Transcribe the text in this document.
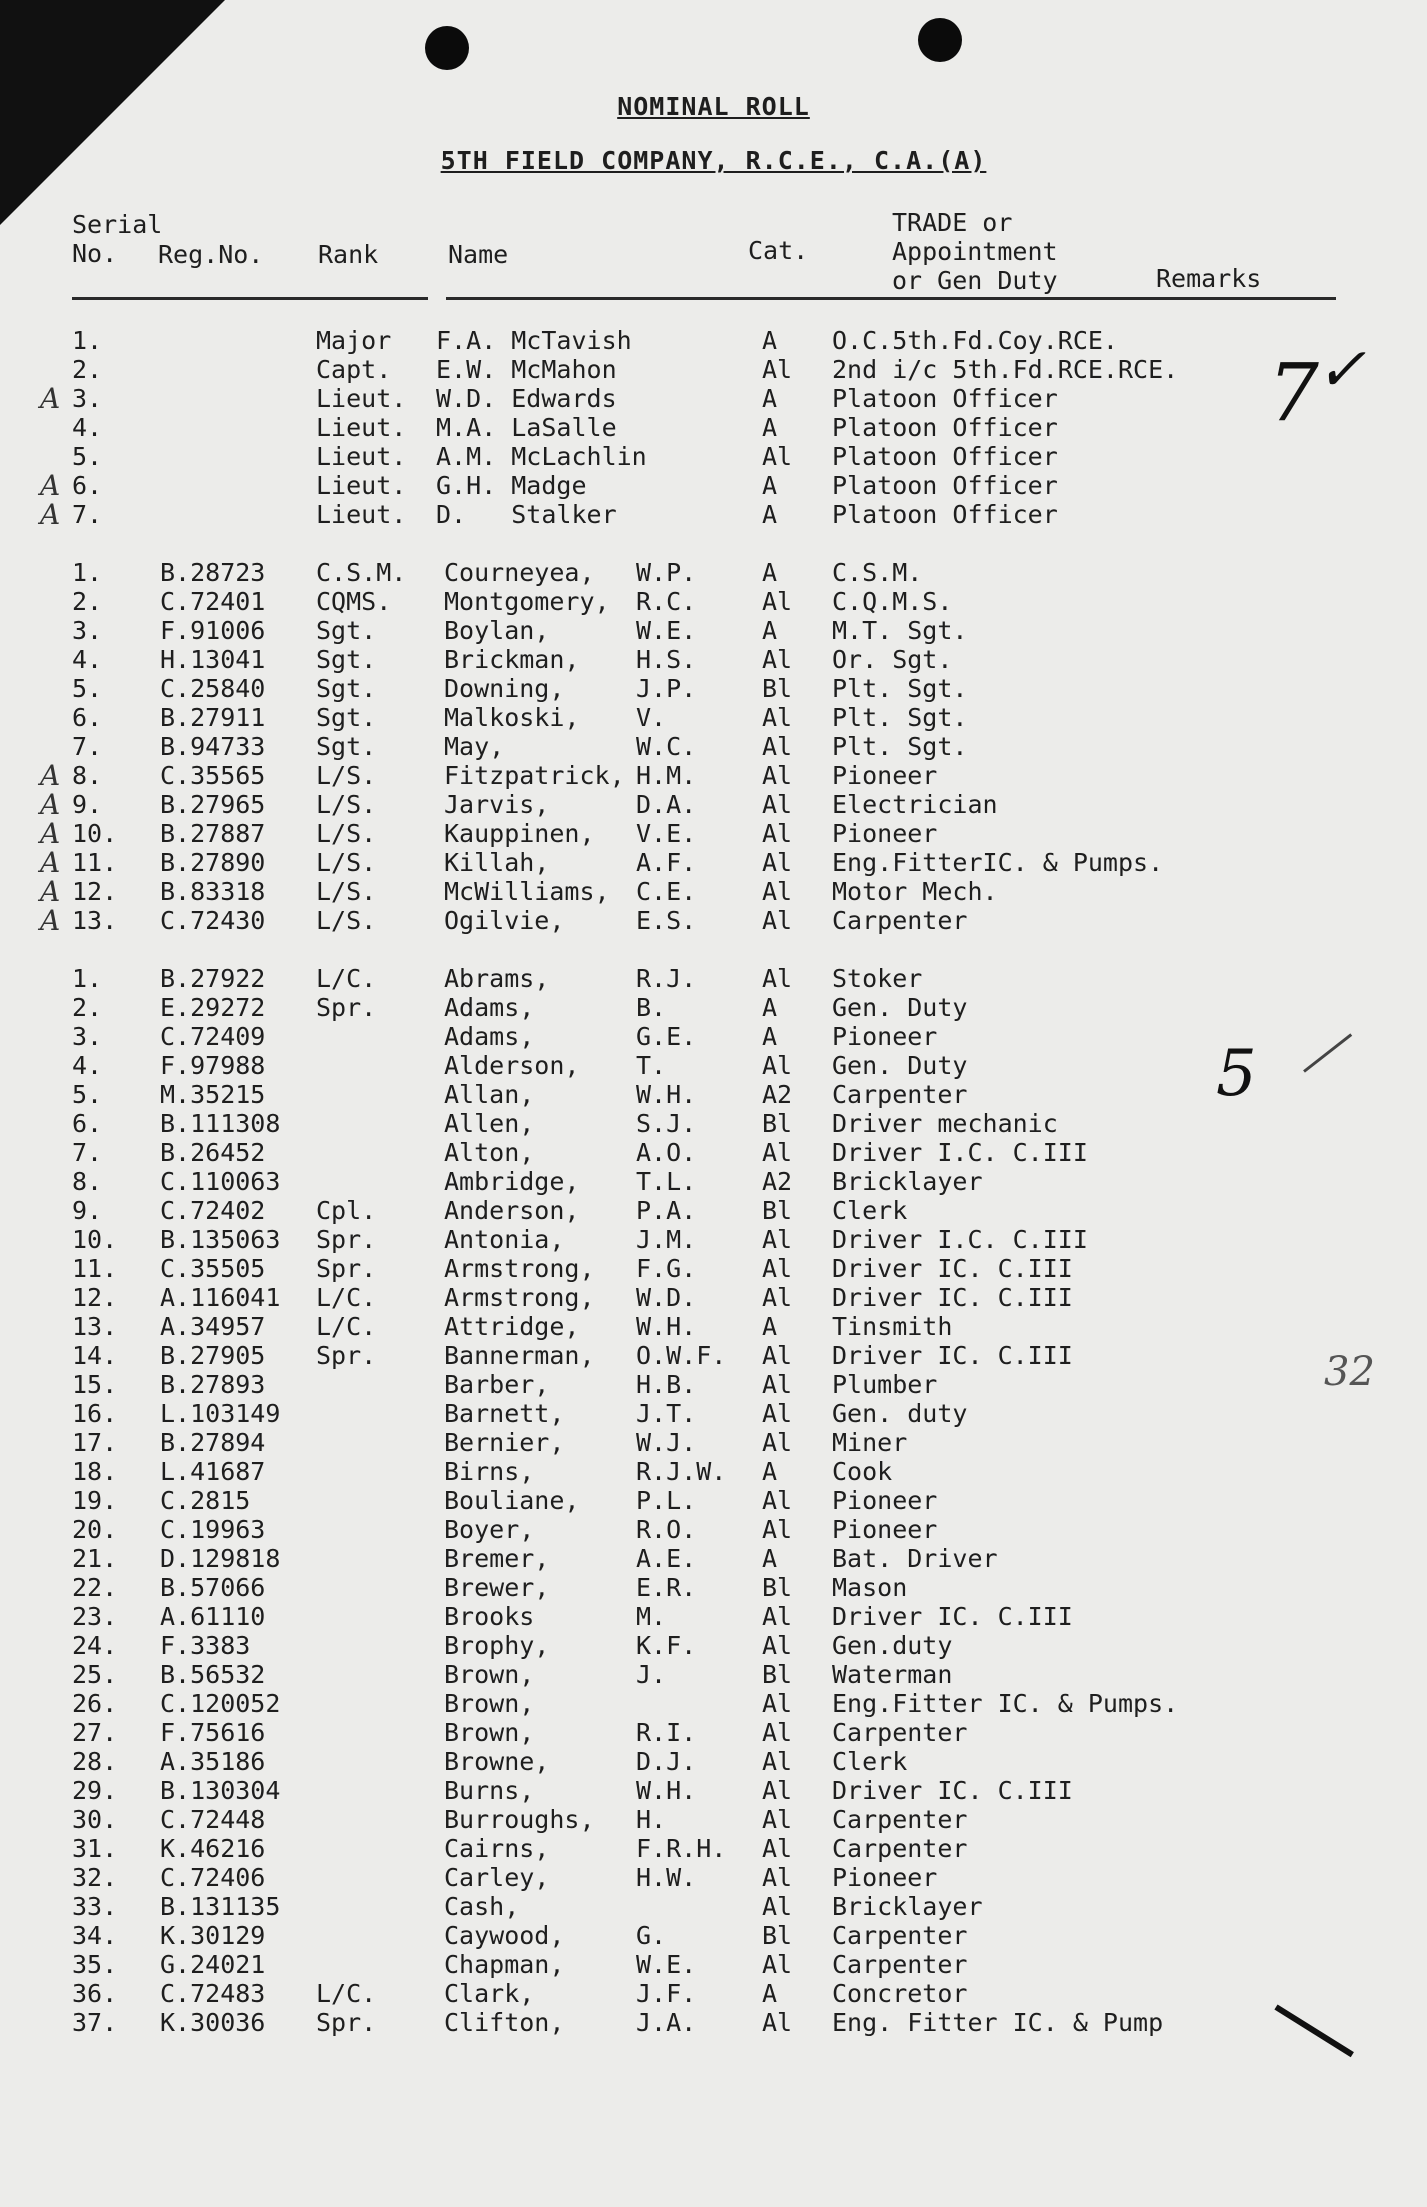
NOMINAL ROLL
5TH FIELD COMPANY, R.C.E., C.A.(A)
Serial
No.	Reg.No. Rank	Name	Cat.
TRADE or
Appointment
or Gen Duty	Remarks
1.	Major F.A. McTavish	A O.C.5th.Fd.Coy.RCE.
2.	Capt. E.W. McMahon	Al 2nd i/c 5th.Fd.RCE.RCE.
3.	Lieut. W.D. Edwards	A Platoon Officer
A
4.	Lieut. M.A. LaSalle	A Platoon Officer
5.	Lieut. A.M. McLachlin	Al Platoon Officer
6.	Lieut. G.H. Madge	A Platoon Officer
A
7.	Lieut. D.   Stalker	A Platoon Officer
A
1. B.28723 C.S.M. Courneyea, W.P.	A C.S.M.
2. C.72401 CQMS. Montgomery, R.C.	Al C.Q.M.S.
3. F.91006 Sgt.	Boylan,	W.E.	A M.T. Sgt.
4. H.13041 Sgt.	Brickman, H.S.	Al Or. Sgt.
5. C.25840 Sgt.	Downing,	J.P.	Bl Plt. Sgt.
6. B.27911 Sgt.	Malkoski, V.	Al Plt. Sgt.
7. B.94733 Sgt.	May,	W.C.	Al Plt. Sgt.
8. C.35565 L/S.	Fitzpatrick, H.M.	Al Pioneer
A
9. B.27965 L/S.	Jarvis,	D.A.	Al Electrician
A
10. B.27887 L/S.	Kauppinen, V.E.	Al Pioneer
A
11. B.27890 L/S.	Killah,	A.F.	Al Eng.FitterIC. & Pumps.
A
12. B.83318 L/S.	McWilliams, C.E.	Al Motor Mech.
A
13. C.72430 L/S.	Ogilvie,	E.S.	Al Carpenter
A
1. B.27922 L/C.	Abrams,	R.J.	Al Stoker
2. E.29272 Spr.	Adams,	B.	A Gen. Duty
3. C.72409	Adams,	G.E.	A Pioneer
4. F.97988	Alderson, T.	Al Gen. Duty
5. M.35215	Allan,	W.H.	A2 Carpenter
6. B.111308	Allen,	S.J.	Bl Driver mechanic
7. B.26452	Alton,	A.O.	Al Driver I.C. C.III
8. C.110063	Ambridge, T.L.	A2 Bricklayer
9. C.72402 Cpl.	Anderson, P.A.	Bl Clerk
10. B.135063 Spr.	Antonia,	J.M.	Al Driver I.C. C.III
11. C.35505 Spr.	Armstrong, F.G.	Al Driver IC. C.III
12. A.116041 L/C.	Armstrong, W.D.	Al Driver IC. C.III
13. A.34957 L/C.	Attridge, W.H.	A Tinsmith
14. B.27905 Spr.	Bannerman, O.W.F. Al Driver IC. C.III
15. B.27893	Barber,	H.B.	Al Plumber
16. L.103149	Barnett,	J.T.	Al Gen. duty
17. B.27894	Bernier,	W.J.	Al Miner
18. L.41687	Birns,	R.J.W. A Cook
19. C.2815	Bouliane, P.L.	Al Pioneer
20. C.19963	Boyer,	R.O.	Al Pioneer
21. D.129818	Bremer,	A.E.	A Bat. Driver
22. B.57066	Brewer,	E.R.	Bl Mason
23. A.61110	Brooks	M.	Al Driver IC. C.III
24. F.3383	Brophy,	K.F.	Al Gen.duty
25. B.56532	Brown,	J.	Bl Waterman
26. C.120052	Brown,	Al Eng.Fitter IC. & Pumps.
27. F.75616	Brown,	R.I.	Al Carpenter
28. A.35186	Browne,	D.J.	Al Clerk
29. B.130304	Burns,	W.H.	Al Driver IC. C.III
30. C.72448	Burroughs, H.	Al Carpenter
31. K.46216	Cairns,	F.R.H. Al Carpenter
32. C.72406	Carley,	H.W.	Al Pioneer
33. B.131135	Cash,	Al Bricklayer
34. K.30129	Caywood,	G.	Bl Carpenter
35. G.24021	Chapman,	W.E.	Al Carpenter
36. C.72483 L/C.	Clark,	J.F.	A Concretor
37. K.30036 Spr.	Clifton,	J.A.	Al Eng. Fitter IC. & Pump
7
5
32
✓
